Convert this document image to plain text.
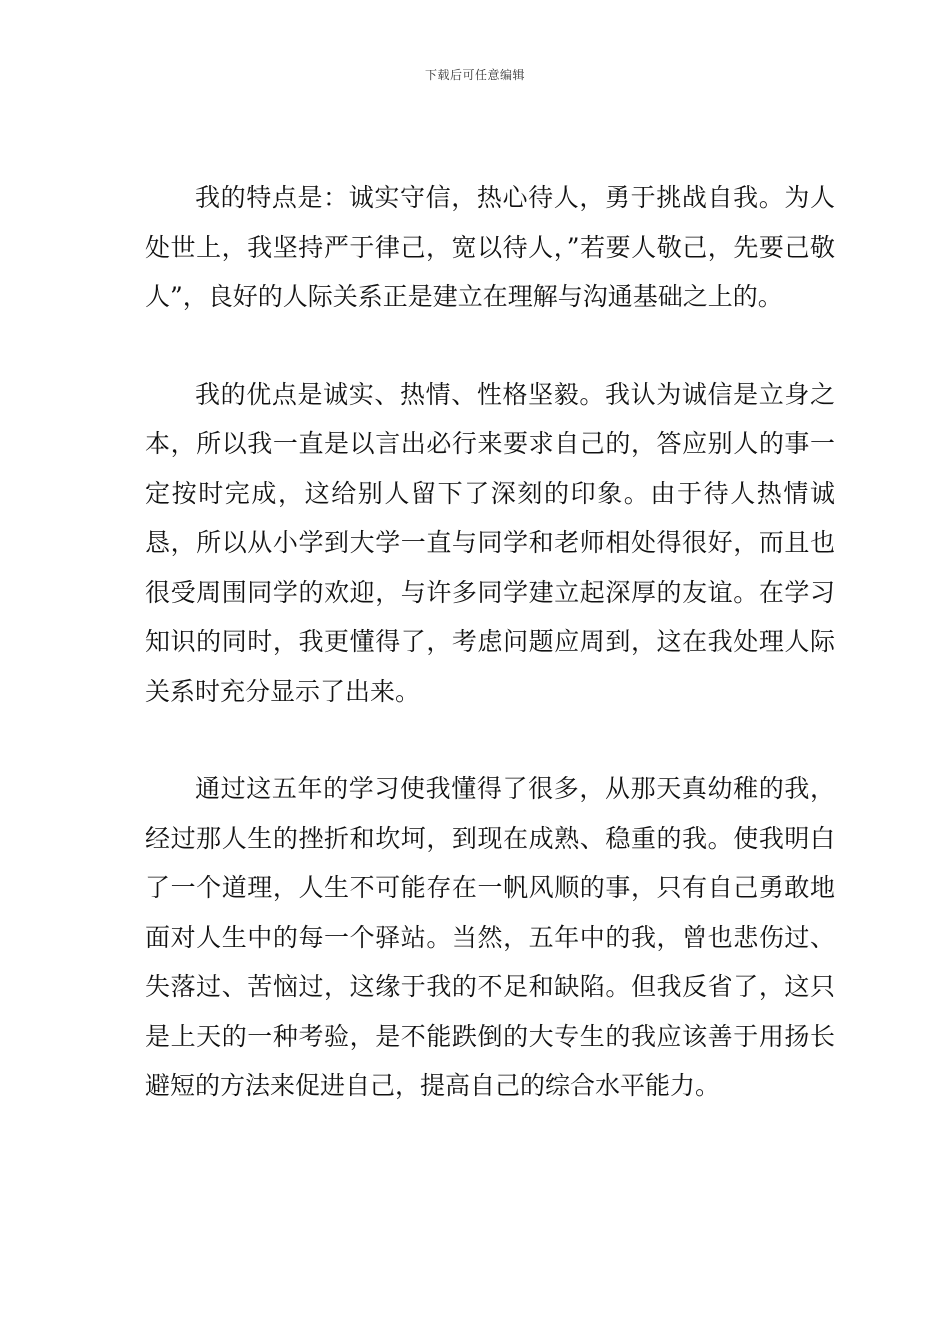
下载后可任意编辑

我的特点是：诚实守信，热心待人，勇于挑战自我。为人处世上，我坚持严于律己，宽以待人，”若要人敬己，先要己敬人”，良好的人际关系正是建立在理解与沟通基础之上的。

我的优点是诚实、热情、性格坚毅。我认为诚信是立身之本，所以我一直是以言出必行来要求自己的，答应别人的事一定按时完成，这给别人留下了深刻的印象。由于待人热情诚恳，所以从小学到大学一直与同学和老师相处得很好，而且也很受周围同学的欢迎，与许多同学建立起深厚的友谊。在学习知识的同时，我更懂得了，考虑问题应周到，这在我处理人际关系时充分显示了出来。

通过这五年的学习使我懂得了很多，从那天真幼稚的我，经过那人生的挫折和坎坷，到现在成熟、稳重的我。使我明白了一个道理，人生不可能存在一帆风顺的事，只有自己勇敢地面对人生中的每一个驿站。当然，五年中的我，曾也悲伤过、失落过、苦恼过，这缘于我的不足和缺陷。但我反省了，这只是上天的一种考验，是不能跌倒的大专生的我应该善于用扬长避短的方法来促进自己，提高自己的综合水平能力。
